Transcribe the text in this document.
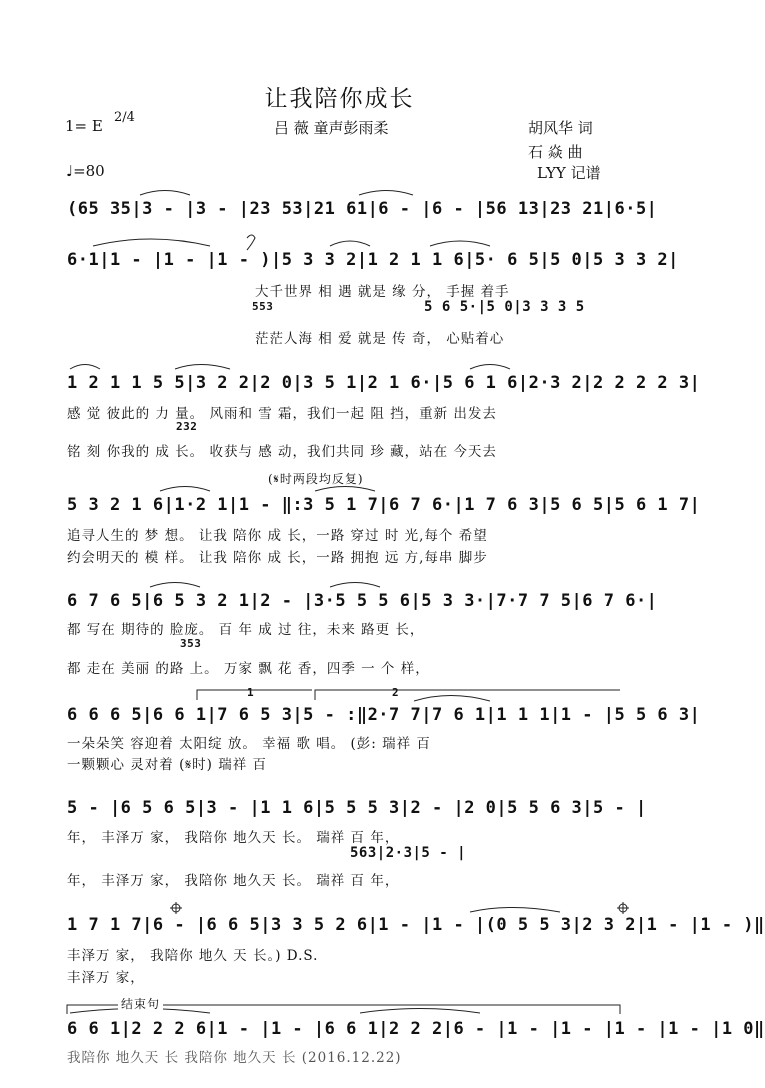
让我陪你成长
1= E 2/4
吕 薇 童声彭雨柔	胡风华 词
石 焱 曲
♩=80	LYY 记谱
(65 35|3 - |3 - |23 53|21 61|6 - |6 - |56 13|23 21|6·5|
6·1|1 - |1 - |1 - )|5 3 3 2|1 2 1 1 6|5· 6 5|5 0|5 3 3 2|
大千世界 相 遇 就是 缘 分， 手握 着手
553	5 6 5·|5 0|3 3 3 5
茫茫人海 相 爱 就是 传 奇， 心贴着心
1 2 1 1 5 5|3 2 2|2 0|3 5 1|2 1 6·|5 6 1 6|2·3 2|2 2 2 2 3|
感 觉 彼此的 力 量。 风雨和 雪 霜，我们一起 阻 挡，重新 出发去
232
铭 刻 你我的 成 长。 收获与 感 动，我们共同 珍 藏，站在 今天去
(𝄋时两段均反复)
5 3 2 1 6|1·2 1|1 - ‖:3 5 1 7|6 7 6·|1 7 6 3|5 6 5|5 6 1 7|
追寻人生的 梦 想。 让我 陪你 成 长，一路 穿过 时 光,每个 希望
约会明天的 模 样。 让我 陪你 成 长，一路 拥抱 远 方,每串 脚步
6 7 6 5|6 5 3 2 1|2 - |3·5 5 5 6|5 3 3·|7·7 7 5|6 7 6·|
都 写在 期待的 脸庞。 百 年 成 过 往，未来 路更 长，
353
都 走在 美丽 的路 上。 万家 飘 花 香，四季 一 个 样，
1	2
6 6 6 5|6 6 1|7 6 5 3|5 - :‖2·7 7|7 6 1|1 1 1|1 - |5 5 6 3|
一朵朵笑 容迎着 太阳绽 放。 幸福 歌 唱。 (彭: 瑞祥 百
一颗颗心 灵对着 (𝄋时) 瑞祥 百
5 - |6 5 6 5|3 - |1 1 6|5 5 5 3|2 - |2 0|5 5 6 3|5 - |
年， 丰泽万 家， 我陪你 地久天 长。 瑞祥 百 年，
563|2·3|5 - |
年， 丰泽万 家， 我陪你 地久天 长。 瑞祥 百 年，
1 7 1 7|6 - |6 6 5|3 3 5 2 6|1 - |1 - |(0 5 5 3|2 3 2|1 - |1 - )‖
丰泽万 家， 我陪你 地久 天 长。) D.S.
丰泽万 家，
结束句
6 6 1|2 2 2 6|1 - |1 - |6 6 1|2 2 2|6 - |1 - |1 - |1 - |1 - |1 0‖
我陪你 地久天 长 我陪你 地久天 长 (2016.12.22)
